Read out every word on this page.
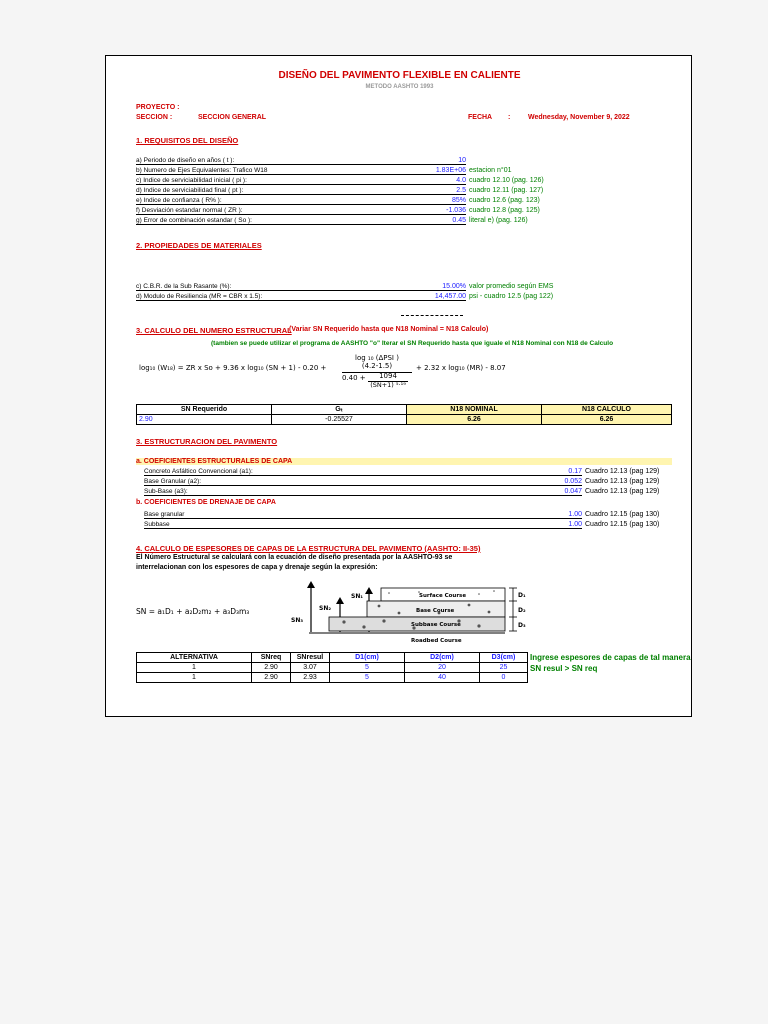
DISEÑO DEL PAVIMENTO FLEXIBLE EN CALIENTE
METODO AASHTO 1993
PROYECTO :
SECCION :	SECCION GENERAL	FECHA :	Wednesday, November 9, 2022
1. REQUISITOS DEL DISEÑO
a) Periodo de diseño en años ( t ):	10
b) Numero de Ejes Equivalentes: Trafico W18	1.83E+06 estacion n°01
c) Indice de serviciabilidad inicial ( pi ):	4.0 cuadro 12.10 (pag. 126)
d) Indice de serviciabilidad final ( pt ):	2.5 cuadro 12.11 (pag. 127)
e) Indice de confianza ( R% ):	85% cuadro 12.6 (pag. 123)
f) Desviación estandar normal ( ZR ):	-1.036 cuadro 12.8 (pag. 125)
g) Error de combinación estandar ( So ):	0.45 literal e) (pag. 126)
2. PROPIEDADES DE MATERIALES
c) C.B.R. de la Sub Rasante (%):	15.00% valor promedio según EMS
d) Modulo de Resiliencia (MR = CBR x 1.5):	14,457.00 psi - cuadro 12.5 (pag 122)
3. CALCULO DEL NUMERO ESTRUCTURAL
(Variar SN Requerido hasta que N18 Nominal = N18 Calculo)
(tambien se puede utilizar el programa de AASHTO "o" Iterar el SN Requerido hasta que iguale el N18 Nominal con N18 de Calculo
log₁₀ (W₁₈) = ZR x So + 9.36 x log₁₀ (SN + 1) - 0.20 +
log ₁₀ (ΔPSI )
(4.2-1.5)
0.40 +	1094
(SN+1) ⁵·¹⁹
+ 2.32 x log₁₀ (MR) - 8.07
SN Requerido	Gₜ	N18 NOMINAL	N18 CALCULO
2.90	-0.25527	6.26	6.26
3. ESTRUCTURACION DEL PAVIMENTO
a. COEFICIENTES ESTRUCTURALES DE CAPA
Concreto Asfáltico Convencional (a1):	0.17 Cuadro 12.13 (pag 129)
Base Granular (a2):	0.052 Cuadro 12.13 (pag 129)
Sub-Base (a3):	0.047 Cuadro 12.13 (pag 129)
b. COEFICIENTES DE DRENAJE DE CAPA
Base granular	1.00 Cuadro 12.15 (pag 130)
Subbase	1.00 Cuadro 12.15 (pag 130)
4. CALCULO DE ESPESORES DE CAPAS DE LA ESTRUCTURA DEL PAVIMENTO (AASHTO: II-35)
El Número Estructural se calculará con la ecuación de diseño presentada por la AASHTO-93 se
interrelacionan con los espesores de capa y drenaje según la expresión:
SN = a₁D₁ + a₂D₂m₂ + a₃D₃m₃
SN₃
SN₂
SN₁	Surface Course
Base Course
Subbase Course
Roadbed Course
D₁
D₂
D₃
ALTERNATIVA	SNreq	SNresul	D1(cm)	D2(cm)	D3(cm)
1	2.90	3.07	5	20	25
1	2.90	2.93	5	40	0
Ingrese espesores de capas de tal manera
SN resul > SN req
